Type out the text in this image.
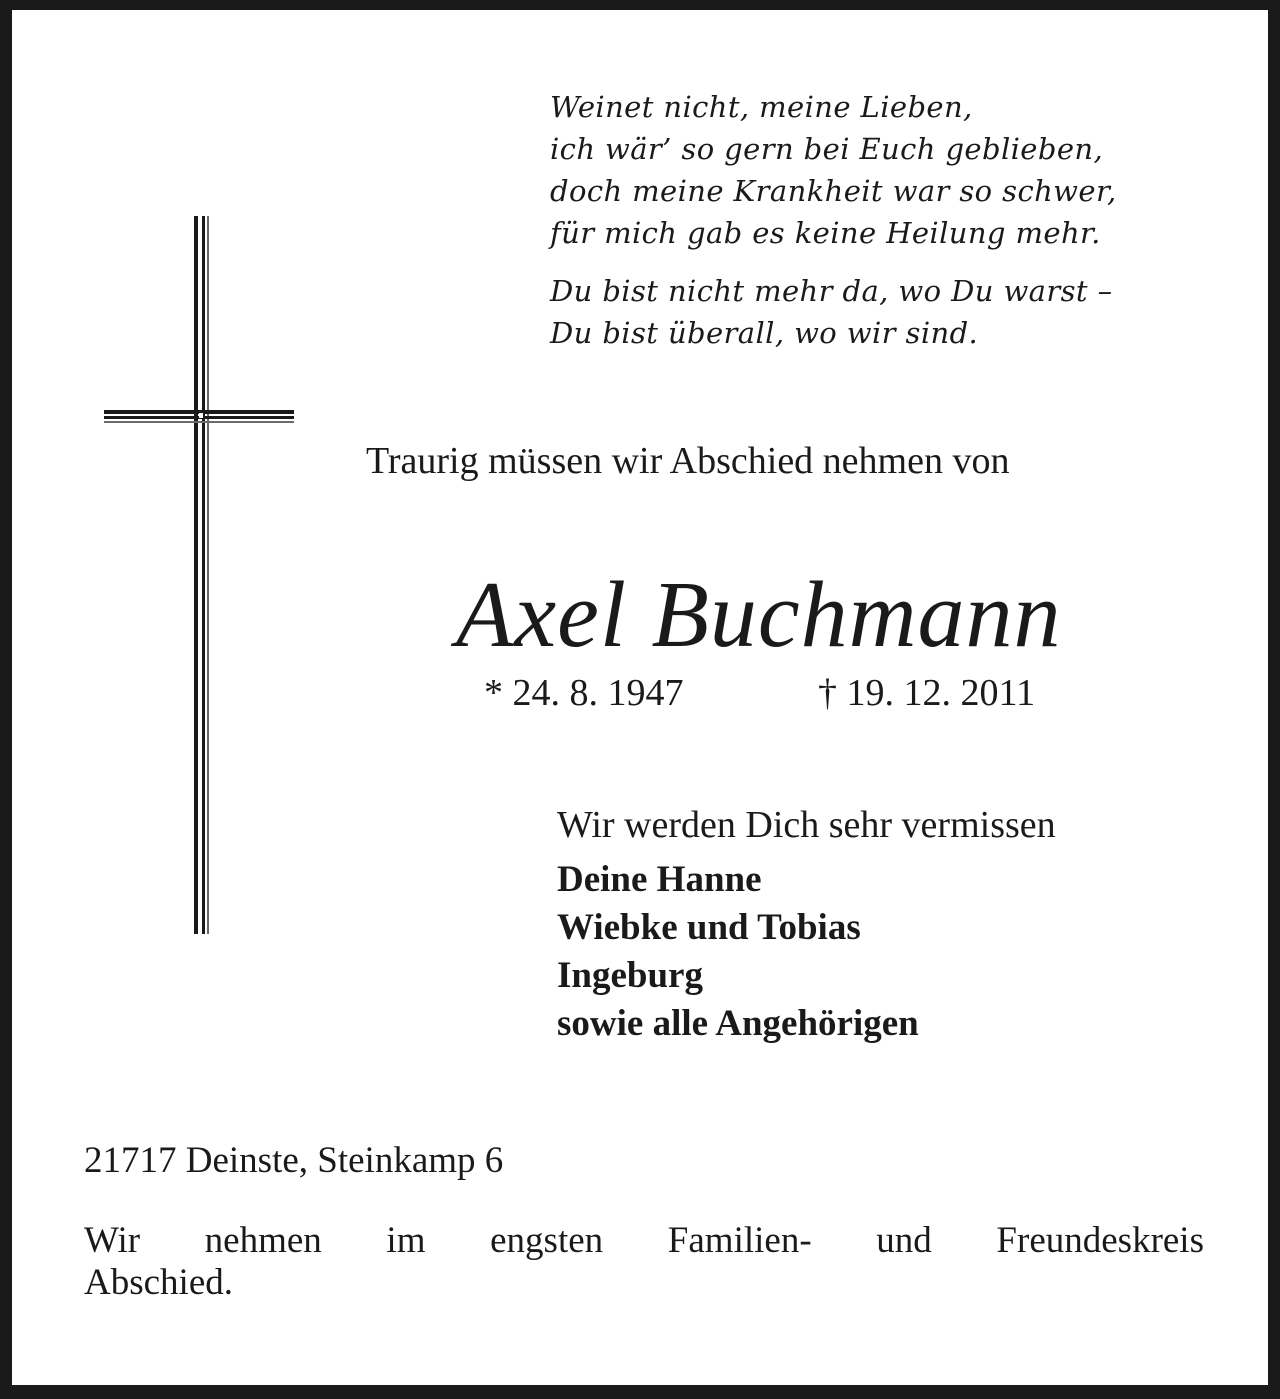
Weinet nicht, meine Lieben,
ich wär’ so gern bei Euch geblieben,
doch meine Krankheit war so schwer,
für mich gab es keine Heilung mehr.
Du bist nicht mehr da, wo Du warst –
Du bist überall, wo wir sind.
Traurig müssen wir Abschied nehmen von
Axel Buchmann
* 24. 8. 1947	† 19. 12. 2011
Wir werden Dich sehr vermissen
Deine Hanne
Wiebke und Tobias
Ingeburg
sowie alle Angehörigen
21717 Deinste, Steinkamp 6

Wir nehmen im engsten Familien- und Freundeskreis
Abschied.
